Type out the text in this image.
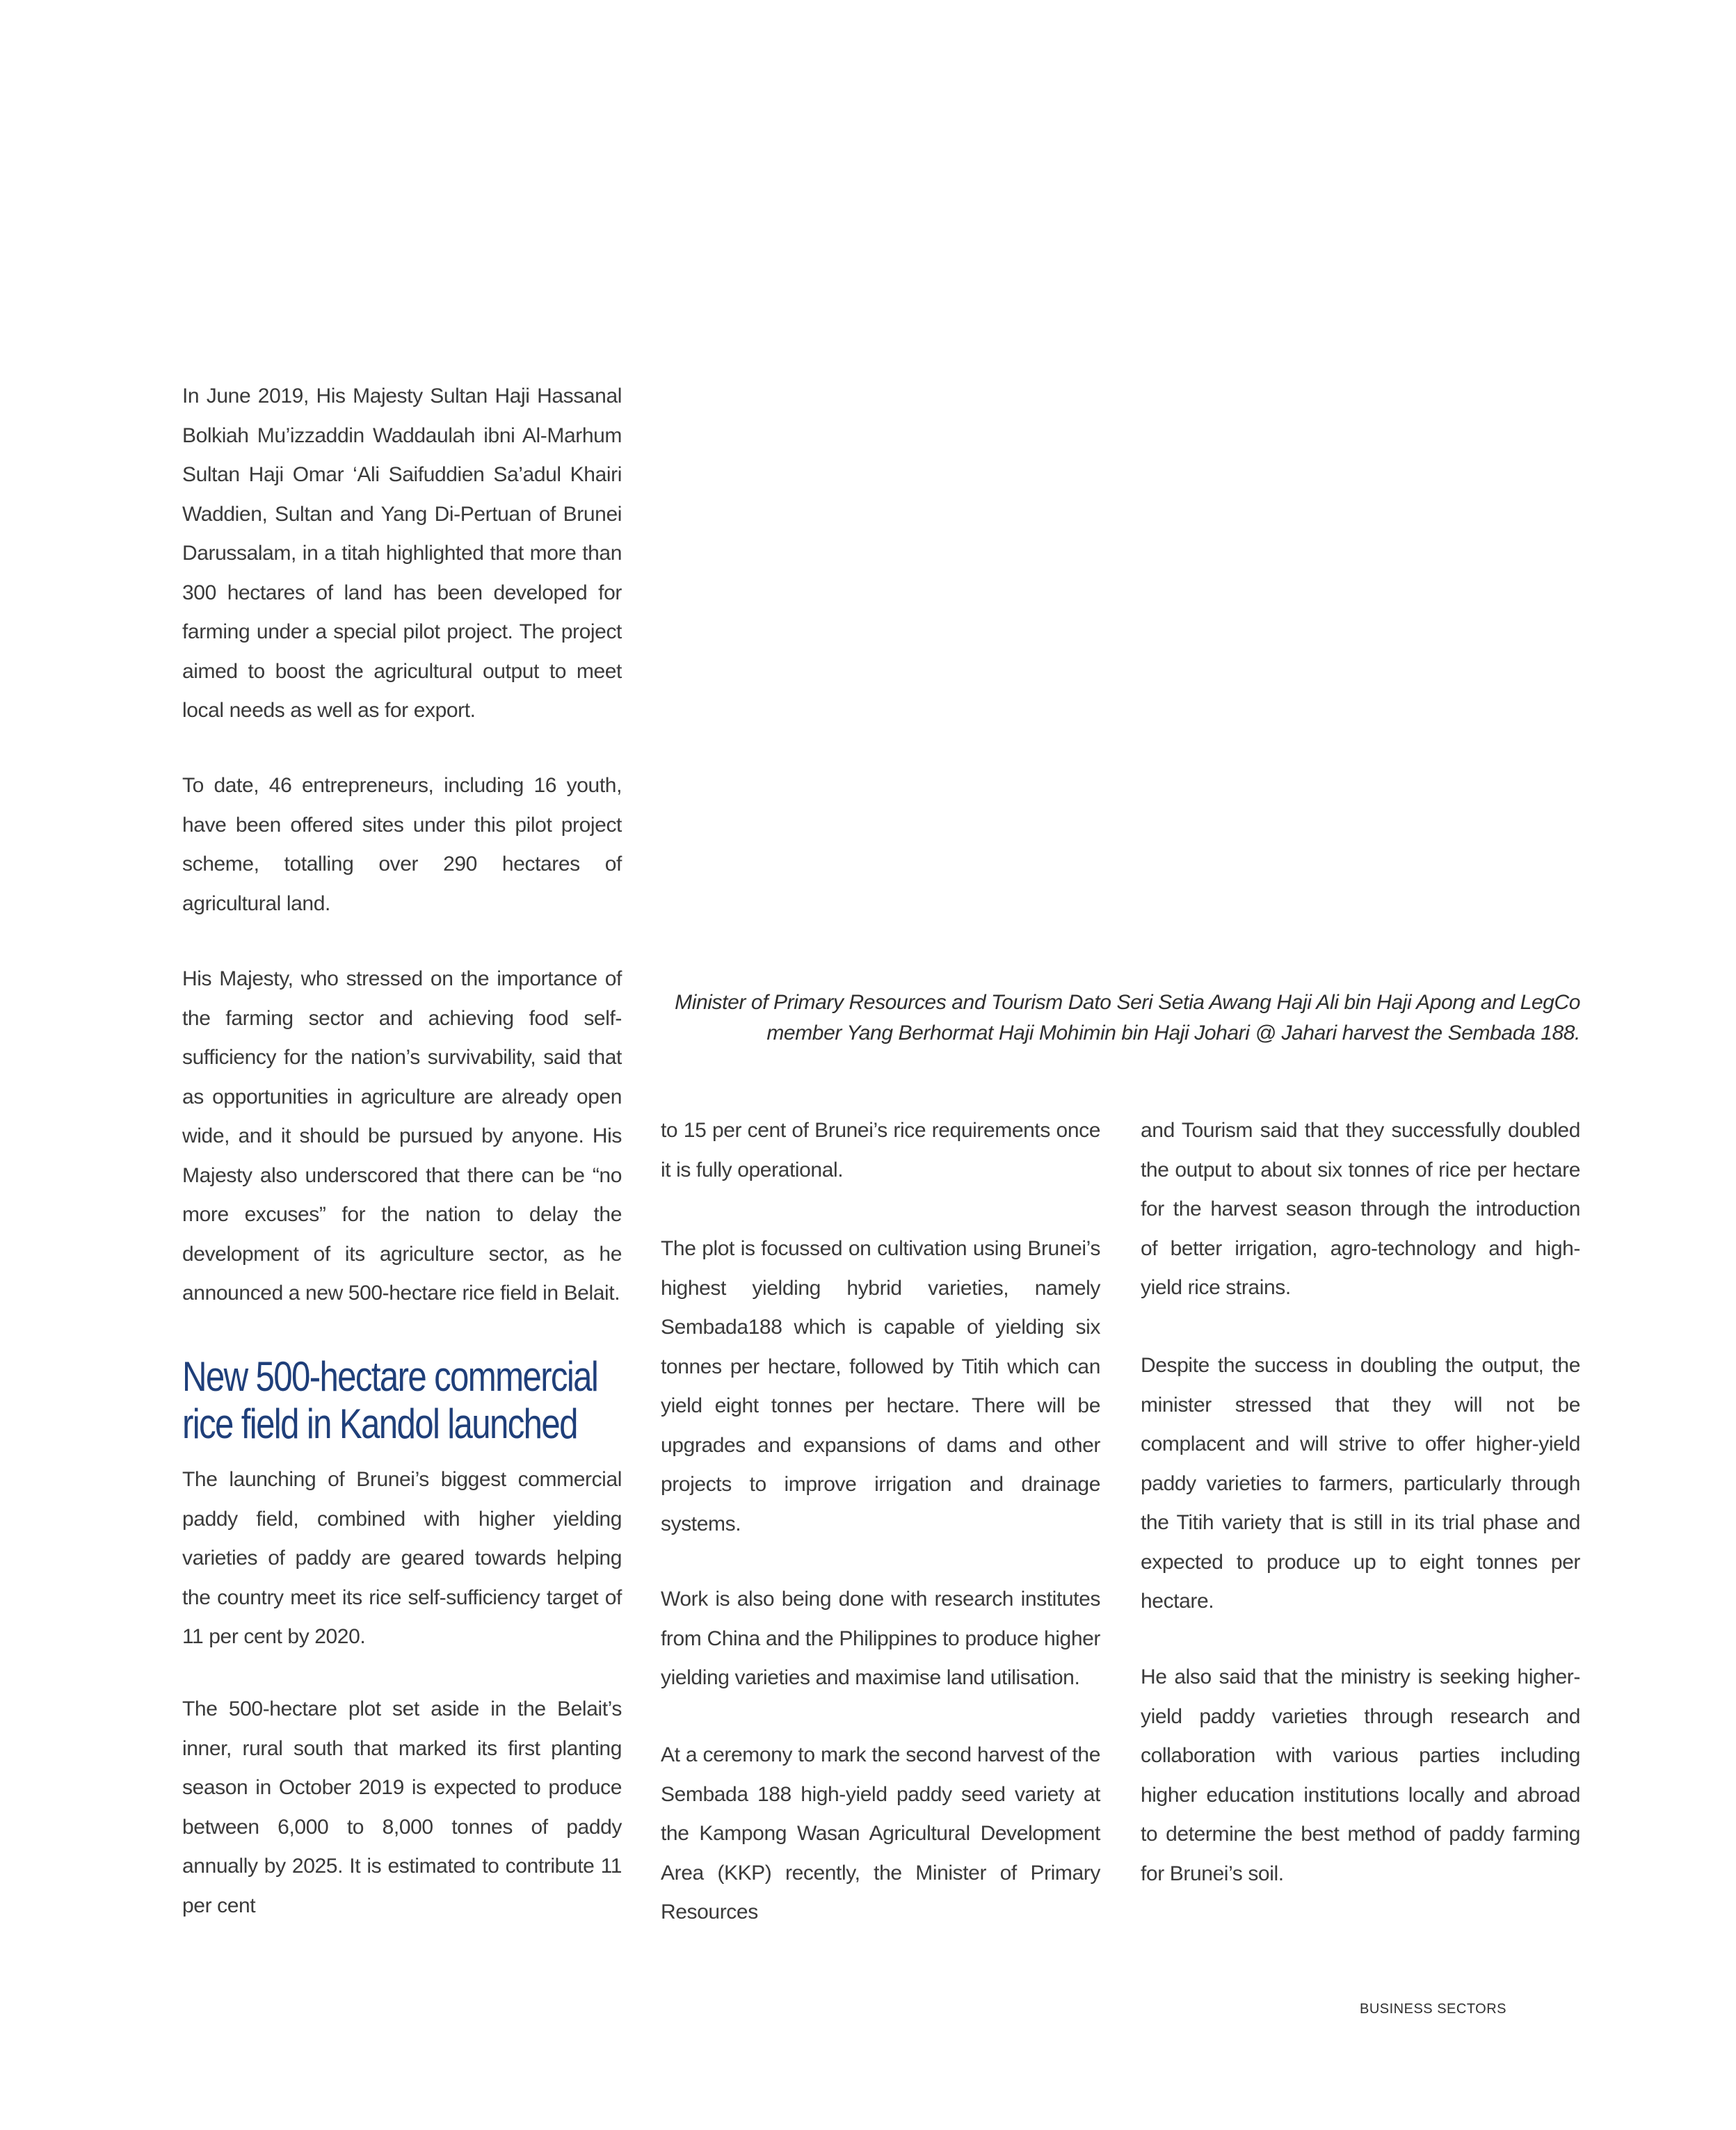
In June 2019, His Majesty Sultan Haji Hassanal Bolkiah Mu’izzaddin Waddaulah ibni Al-Marhum Sultan Haji Omar ‘Ali Saifuddien Sa’adul Khairi Waddien, Sultan and Yang Di-Pertuan of Brunei Darussalam, in a titah highlighted that more than 300 hectares of land has been developed for farming under a special pilot project. The project aimed to boost the agricultural output to meet local needs as well as for export.

To date, 46 entrepreneurs, including 16 youth, have been offered sites under this pilot project scheme, totalling over 290 hectares of agricultural land.

His Majesty, who stressed on the importance of the farming sector and achieving food self-sufficiency for the nation’s survivability, said that as opportunities in agriculture are already open wide, and it should be pursued by anyone. His Majesty also underscored that there can be “no more excuses” for the nation to delay the development of its agriculture sector, as he announced a new 500-hectare rice field in Belait.

New 500-hectare commercial rice field in Kandol launched

The launching of Brunei’s biggest commercial paddy field, combined with higher yielding varieties of paddy are geared towards helping the country meet its rice self-sufficiency target of 11 per cent by 2020.

The 500-hectare plot set aside in the Belait’s inner, rural south that marked its first planting season in October 2019 is expected to produce between 6,000 to 8,000 tonnes of paddy annually by 2025. It is estimated to contribute 11 per cent

Minister of Primary Resources and Tourism Dato Seri Setia Awang Haji Ali bin Haji Apong and LegCo member Yang Berhormat Haji Mohimin bin Haji Johari @ Jahari harvest the Sembada 188.

to 15 per cent of Brunei’s rice requirements once it is fully operational.

The plot is focussed on cultivation using Brunei’s highest yielding hybrid varieties, namely Sembada188 which is capable of yielding six tonnes per hectare, followed by Titih which can yield eight tonnes per hectare. There will be upgrades and expansions of dams and other projects to improve irrigation and drainage systems.

Work is also being done with research institutes from China and the Philippines to produce higher yielding varieties and maximise land utilisation.

At a ceremony to mark the second harvest of the Sembada 188 high-yield paddy seed variety at the Kampong Wasan Agricultural Development Area (KKP) recently, the Minister of Primary Resources

and Tourism said that they successfully doubled the output to about six tonnes of rice per hectare for the harvest season through the introduction of better irrigation, agro-technology and high-yield rice strains.

Despite the success in doubling the output, the minister stressed that they will not be complacent and will strive to offer higher-yield paddy varieties to farmers, particularly through the Titih variety that is still in its trial phase and expected to produce up to eight tonnes per hectare.

He also said that the ministry is seeking higher-yield paddy varieties through research and collaboration with various parties including higher education institutions locally and abroad to determine the best method of paddy farming for Brunei’s soil.

BUSINESS SECTORS
